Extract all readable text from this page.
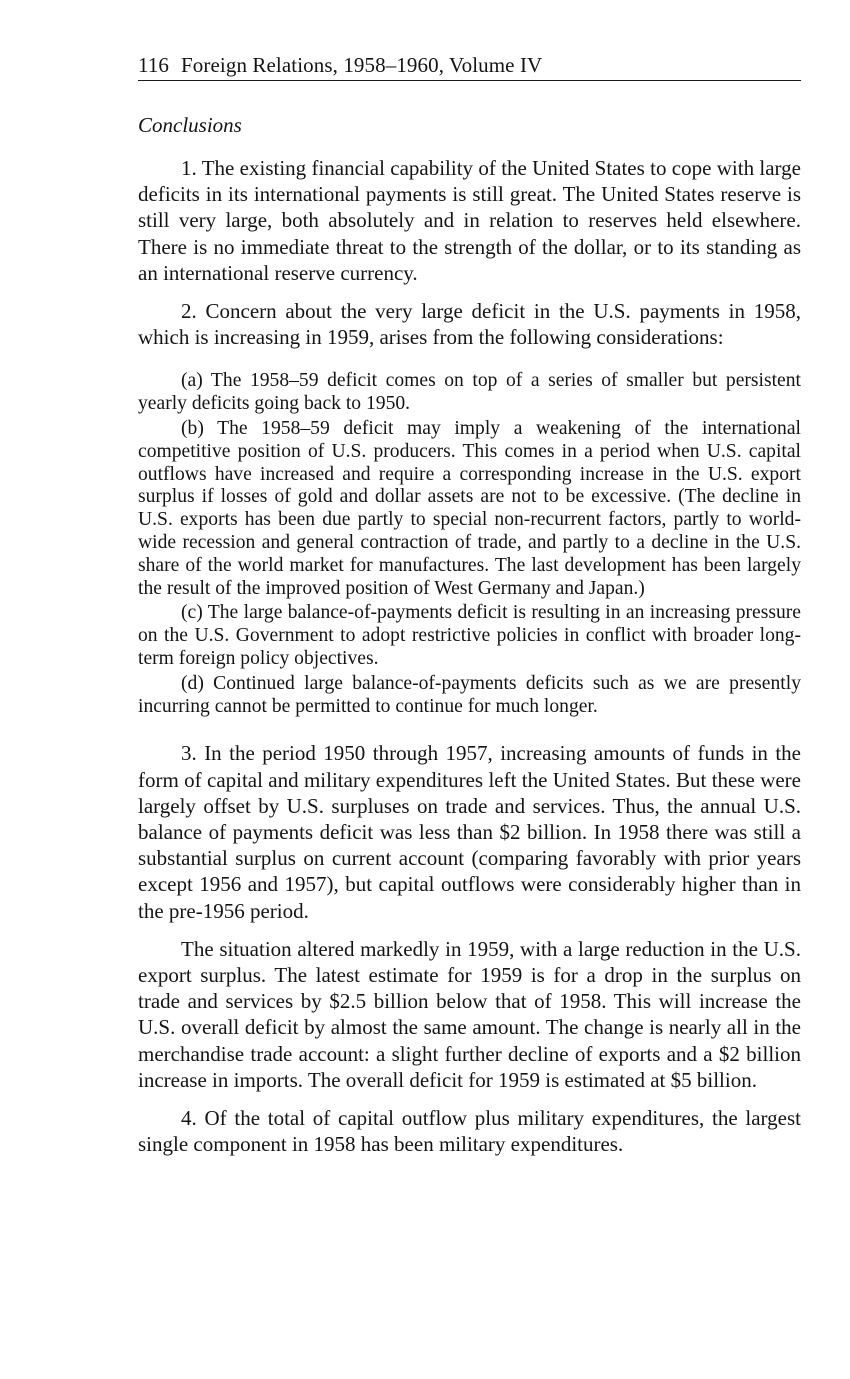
116 Foreign Relations, 1958–1960, Volume IV
Conclusions

1. The existing financial capability of the United States to cope with large deficits in its international payments is still great. The United States reserve is still very large, both absolutely and in relation to reserves held elsewhere. There is no immediate threat to the strength of the dollar, or to its standing as an international reserve currency.

2. Concern about the very large deficit in the U.S. payments in 1958, which is increasing in 1959, arises from the following considerations:

(a) The 1958–59 deficit comes on top of a series of smaller but persistent yearly deficits going back to 1950.

(b) The 1958–59 deficit may imply a weakening of the international competitive position of U.S. producers. This comes in a period when U.S. capital outflows have increased and require a corresponding increase in the U.S. export surplus if losses of gold and dollar assets are not to be excessive. (The decline in U.S. exports has been due partly to special non-recurrent factors, partly to world-wide recession and general contraction of trade, and partly to a decline in the U.S. share of the world market for manufactures. The last development has been largely the result of the improved position of West Germany and Japan.)

(c) The large balance-of-payments deficit is resulting in an increasing pressure on the U.S. Government to adopt restrictive policies in conflict with broader long-term foreign policy objectives.

(d) Continued large balance-of-payments deficits such as we are presently incurring cannot be permitted to continue for much longer.

3. In the period 1950 through 1957, increasing amounts of funds in the form of capital and military expenditures left the United States. But these were largely offset by U.S. surpluses on trade and services. Thus, the annual U.S. balance of payments deficit was less than $2 billion. In 1958 there was still a substantial surplus on current account (comparing favorably with prior years except 1956 and 1957), but capital outflows were considerably higher than in the pre-1956 period.

The situation altered markedly in 1959, with a large reduction in the U.S. export surplus. The latest estimate for 1959 is for a drop in the surplus on trade and services by $2.5 billion below that of 1958. This will increase the U.S. overall deficit by almost the same amount. The change is nearly all in the merchandise trade account: a slight further decline of exports and a $2 billion increase in imports. The overall deficit for 1959 is estimated at $5 billion.

4. Of the total of capital outflow plus military expenditures, the largest single component in 1958 has been military expenditures.
